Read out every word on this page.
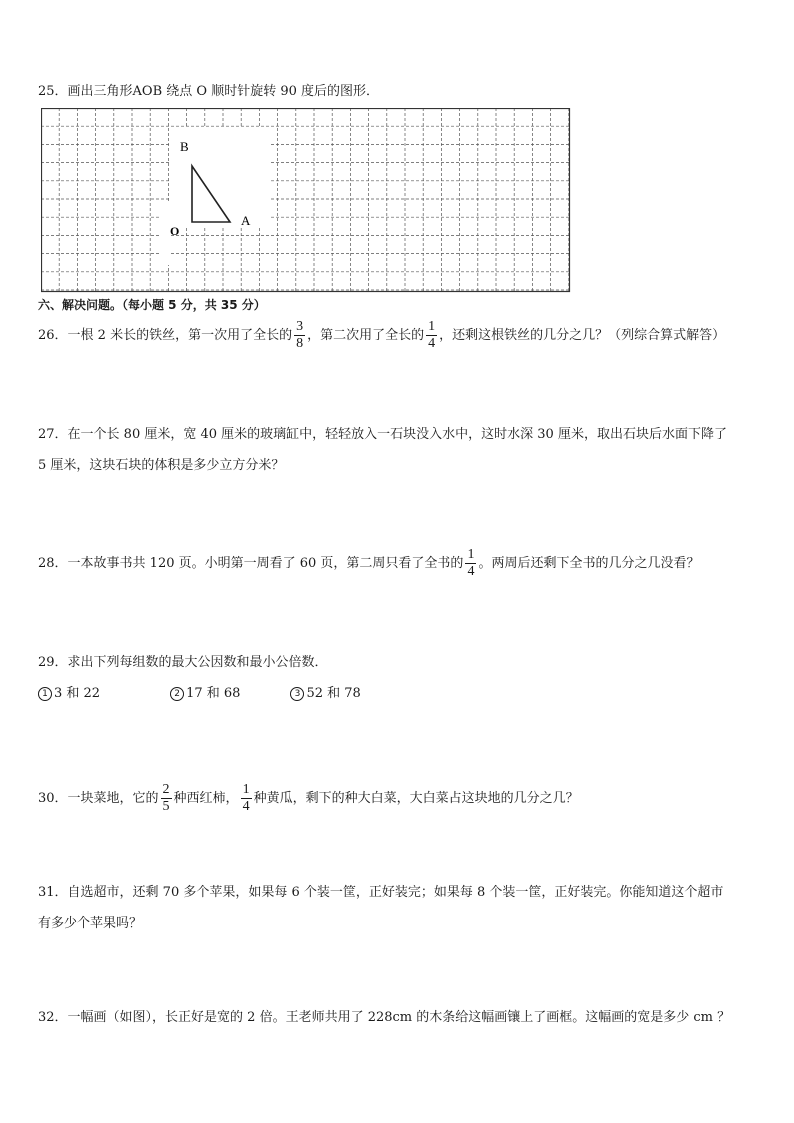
25．画出三角形AOB 绕点 O 顺时针旋转 90 度后的图形．
B
A
O
六、解决问题。（每小题 5 分，共 35 分）
26．一根 2 米长的铁丝，第一次用了全长的 $\frac{3}{8}$ ，第二次用了全长的 $\frac{1}{4}$ ，还剩这根铁丝的几分之几？（列综合算式解答）
27．在一个长 80 厘米，宽 40 厘米的玻璃缸中，轻轻放入一石块没入水中，这时水深 30 厘米，取出石块后水面下降了
5 厘米，这块石块的体积是多少立方分米？
28．一本故事书共 120 页。小明第一周看了 60 页，第二周只看了全书的 $\frac{1}{4}$ 。两周后还剩下全书的几分之几没看？
29．求出下列每组数的最大公因数和最小公倍数．
1 3 和 22	2 17 和 68	3 52 和 78
30．一块菜地，它的 $\frac{2}{5}$ 种西红柿， $\frac{1}{4}$ 种黄瓜，剩下的种大白菜，大白菜占这块地的几分之几？
31．自选超市，还剩 70 多个苹果，如果每 6 个装一筐，正好装完；如果每 8 个装一筐，正好装完。你能知道这个超市
有多少个苹果吗？
32．一幅画（如图），长正好是宽的 2 倍。王老师共用了 228cm 的木条给这幅画镶上了画框。这幅画的宽是多少 cm ？
